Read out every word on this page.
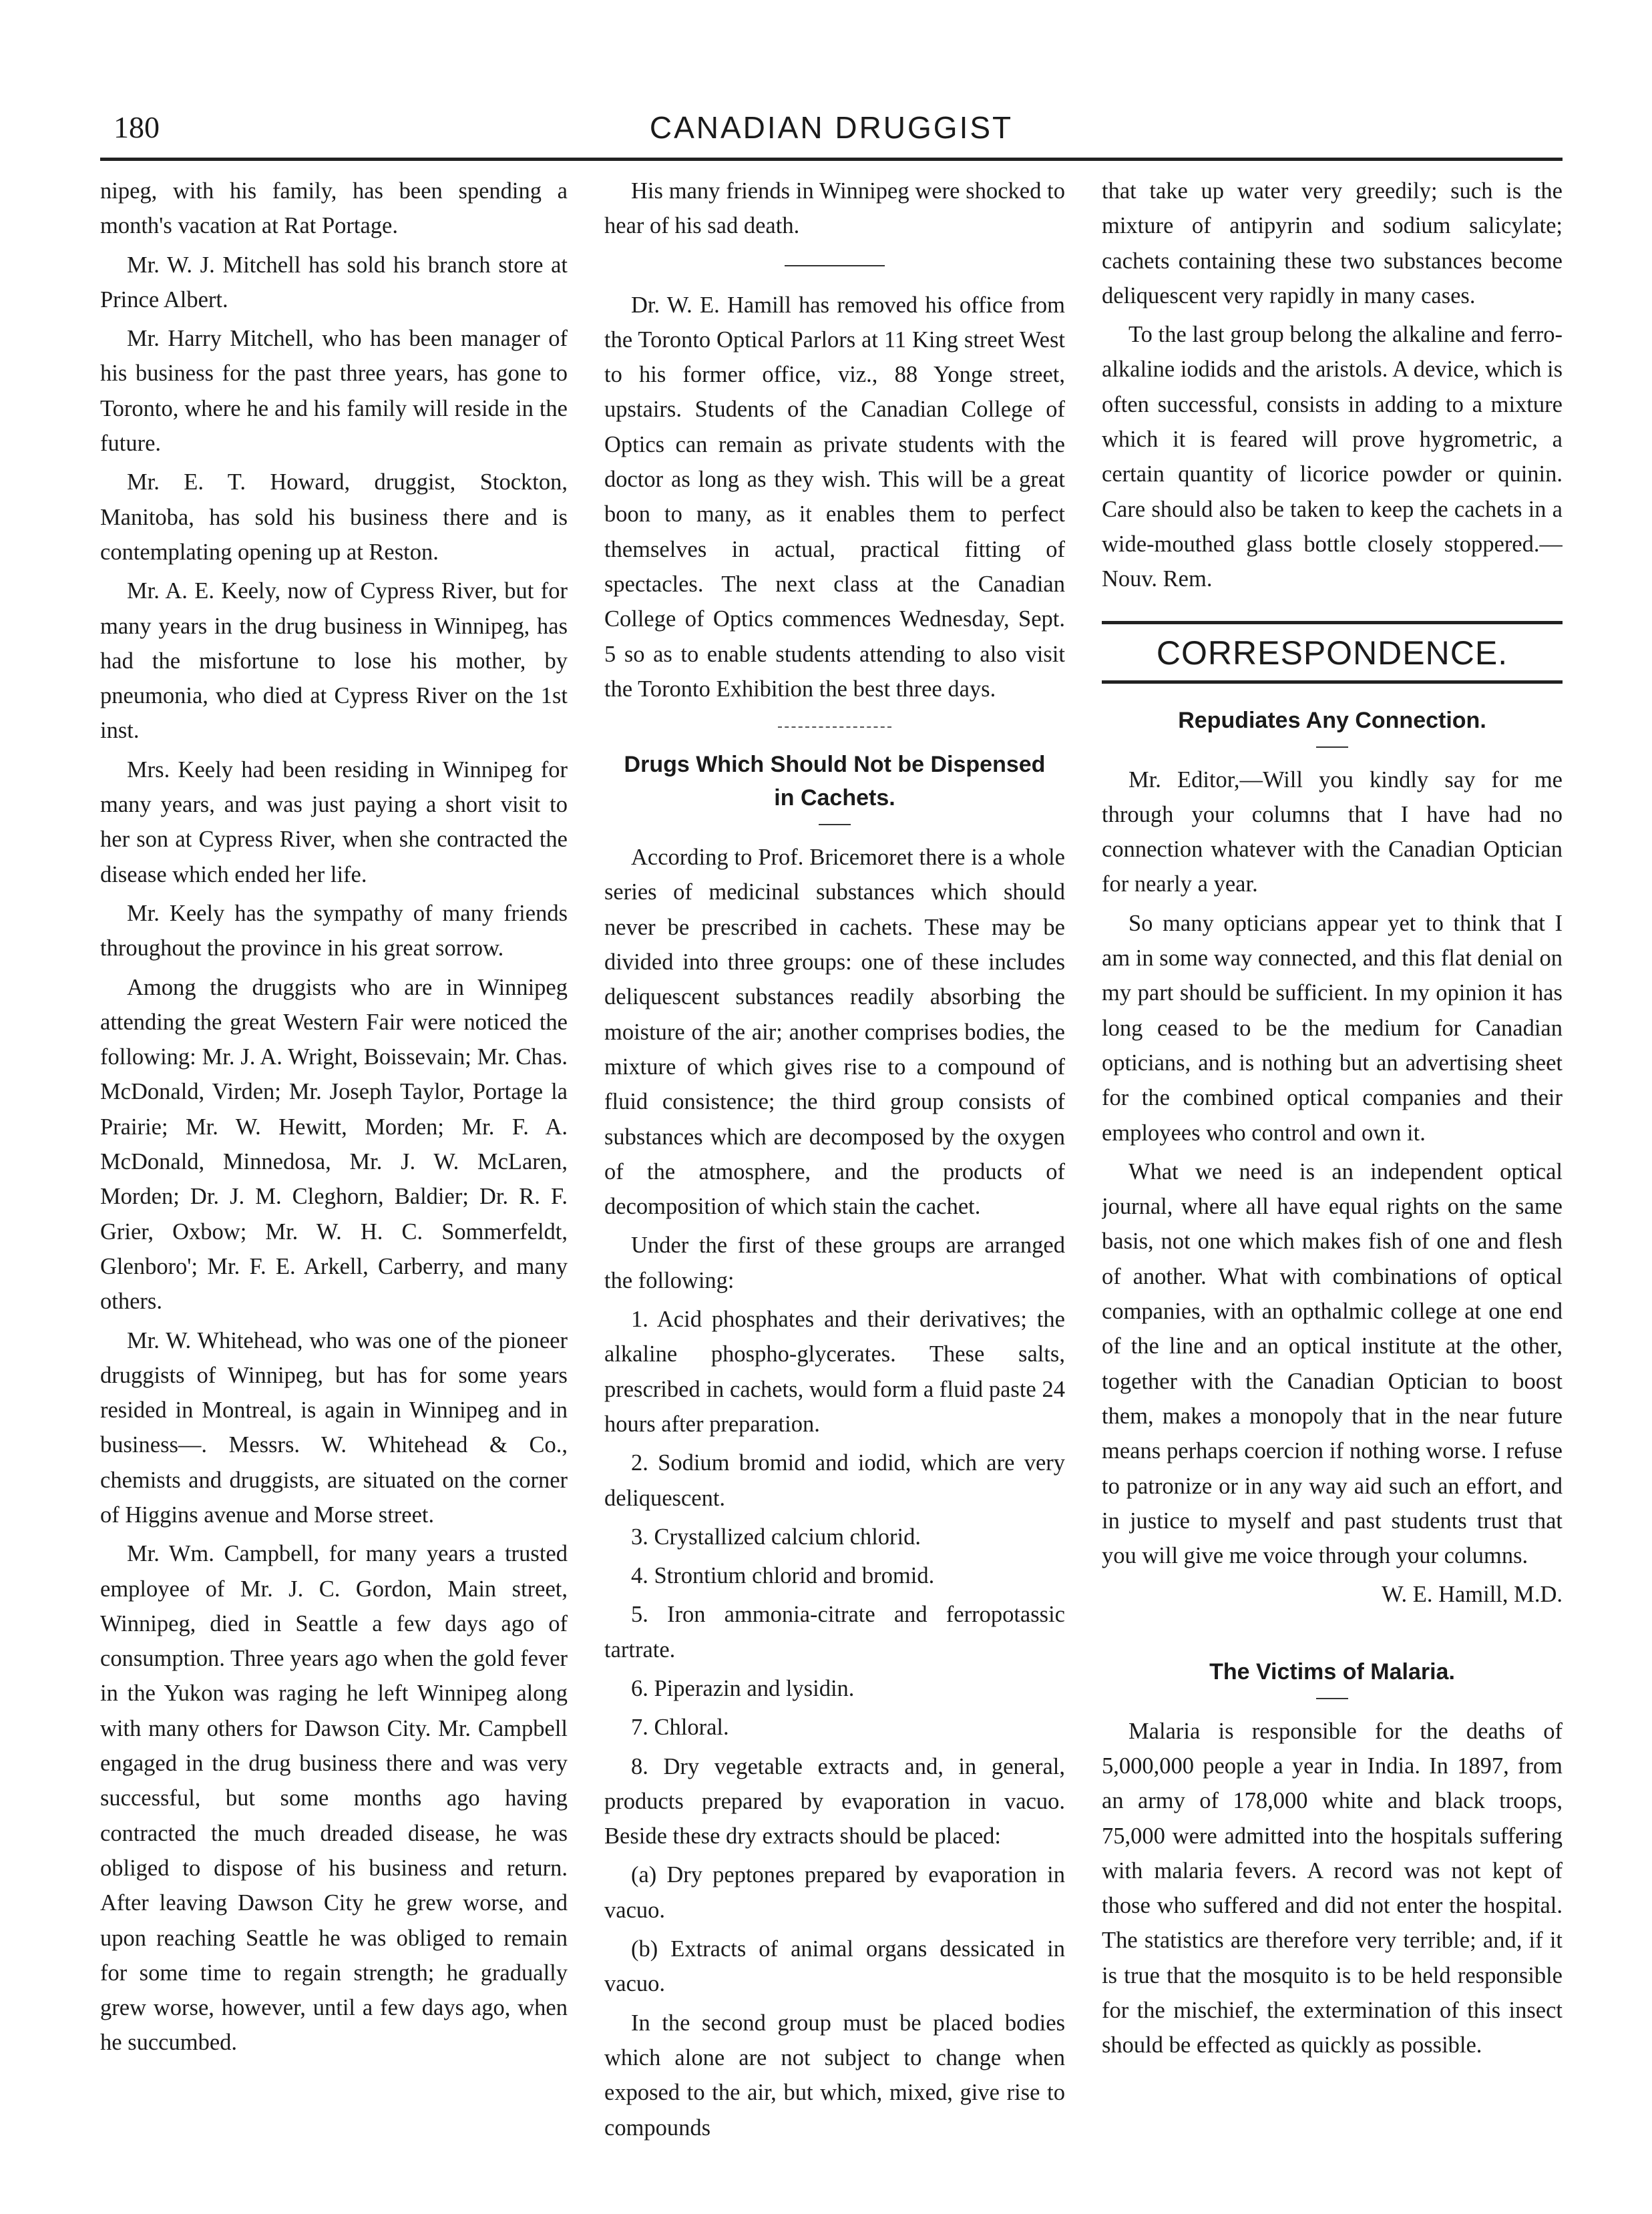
180	CANADIAN DRUGGIST

nipeg, with his family, has been spending a month's vacation at Rat Portage.

Mr. W. J. Mitchell has sold his branch store at Prince Albert.

Mr. Harry Mitchell, who has been manager of his business for the past three years, has gone to Toronto, where he and his family will reside in the future.

Mr. E. T. Howard, druggist, Stockton, Manitoba, has sold his business there and is contemplating opening up at Reston.

Mr. A. E. Keely, now of Cypress River, but for many years in the drug business in Winnipeg, has had the misfortune to lose his mother, by pneumonia, who died at Cypress River on the 1st inst.

Mrs. Keely had been residing in Winnipeg for many years, and was just paying a short visit to her son at Cypress River, when she contracted the disease which ended her life.

Mr. Keely has the sympathy of many friends throughout the province in his great sorrow.

Among the druggists who are in Winnipeg attending the great Western Fair were noticed the following: Mr. J. A. Wright, Boissevain; Mr. Chas. McDonald, Virden; Mr. Joseph Taylor, Portage la Prairie; Mr. W. Hewitt, Morden; Mr. F. A. McDonald, Minnedosa, Mr. J. W. McLaren, Morden; Dr. J. M. Cleghorn, Baldier; Dr. R. F. Grier, Oxbow; Mr. W. H. C. Sommerfeldt, Glenboro'; Mr. F. E. Arkell, Carberry, and many others.

Mr. W. Whitehead, who was one of the pioneer druggists of Winnipeg, but has for some years resided in Montreal, is again in Winnipeg and in business—. Messrs. W. Whitehead & Co., chemists and druggists, are situated on the corner of Higgins avenue and Morse street.

Mr. Wm. Campbell, for many years a trusted employee of Mr. J. C. Gordon, Main street, Winnipeg, died in Seattle a few days ago of consumption. Three years ago when the gold fever in the Yukon was raging he left Winnipeg along with many others for Dawson City. Mr. Campbell engaged in the drug business there and was very successful, but some months ago having contracted the much dreaded disease, he was obliged to dispose of his business and return. After leaving Dawson City he grew worse, and upon reaching Seattle he was obliged to remain for some time to regain strength; he gradually grew worse, however, until a few days ago, when he succumbed.

His many friends in Winnipeg were shocked to hear of his sad death.

Dr. W. E. Hamill has removed his office from the Toronto Optical Parlors at 11 King street West to his former office, viz., 88 Yonge street, upstairs. Students of the Canadian College of Optics can remain as private students with the doctor as long as they wish. This will be a great boon to many, as it enables them to perfect themselves in actual, practical fitting of spectacles. The next class at the Canadian College of Optics commences Wednesday, Sept. 5 so as to enable students attending to also visit the Toronto Exhibition the best three days.

Drugs Which Should Not be Dispensed in Cachets.

According to Prof. Bricemoret there is a whole series of medicinal substances which should never be prescribed in cachets. These may be divided into three groups: one of these includes deliquescent substances readily absorbing the moisture of the air; another comprises bodies, the mixture of which gives rise to a compound of fluid consistence; the third group consists of substances which are decomposed by the oxygen of the atmosphere, and the products of decomposition of which stain the cachet.

Under the first of these groups are arranged the following:

1. Acid phosphates and their derivatives; the alkaline phospho-glycerates. These salts, prescribed in cachets, would form a fluid paste 24 hours after preparation.

2. Sodium bromid and iodid, which are very deliquescent.

3. Crystallized calcium chlorid.

4. Strontium chlorid and bromid.

5. Iron ammonia-citrate and ferropotassic tartrate.

6. Piperazin and lysidin.

7. Chloral.

8. Dry vegetable extracts and, in general, products prepared by evaporation in vacuo. Beside these dry extracts should be placed:

(a) Dry peptones prepared by evaporation in vacuo.

(b) Extracts of animal organs dessicated in vacuo.

In the second group must be placed bodies which alone are not subject to change when exposed to the air, but which, mixed, give rise to compounds

that take up water very greedily; such is the mixture of antipyrin and sodium salicylate; cachets containing these two substances become deliquescent very rapidly in many cases.

To the last group belong the alkaline and ferro-alkaline iodids and the aristols. A device, which is often successful, consists in adding to a mixture which it is feared will prove hygrometric, a certain quantity of licorice powder or quinin. Care should also be taken to keep the cachets in a wide-mouthed glass bottle closely stoppered.—Nouv. Rem.

CORRESPONDENCE.
Repudiates Any Connection.

Mr. Editor,—Will you kindly say for me through your columns that I have had no connection whatever with the Canadian Optician for nearly a year.

So many opticians appear yet to think that I am in some way connected, and this flat denial on my part should be sufficient. In my opinion it has long ceased to be the medium for Canadian opticians, and is nothing but an advertising sheet for the combined optical companies and their employees who control and own it.

What we need is an independent optical journal, where all have equal rights on the same basis, not one which makes fish of one and flesh of another. What with combinations of optical companies, with an opthalmic college at one end of the line and an optical institute at the other, together with the Canadian Optician to boost them, makes a monopoly that in the near future means perhaps coercion if nothing worse. I refuse to patronize or in any way aid such an effort, and in justice to myself and past students trust that you will give me voice through your columns.

W. E. Hamill, M.D.

The Victims of Malaria.

Malaria is responsible for the deaths of 5,000,000 people a year in India. In 1897, from an army of 178,000 white and black troops, 75,000 were admitted into the hospitals suffering with malaria fevers. A record was not kept of those who suffered and did not enter the hospital. The statistics are therefore very terrible; and, if it is true that the mosquito is to be held responsible for the mischief, the extermination of this insect should be effected as quickly as possible.
